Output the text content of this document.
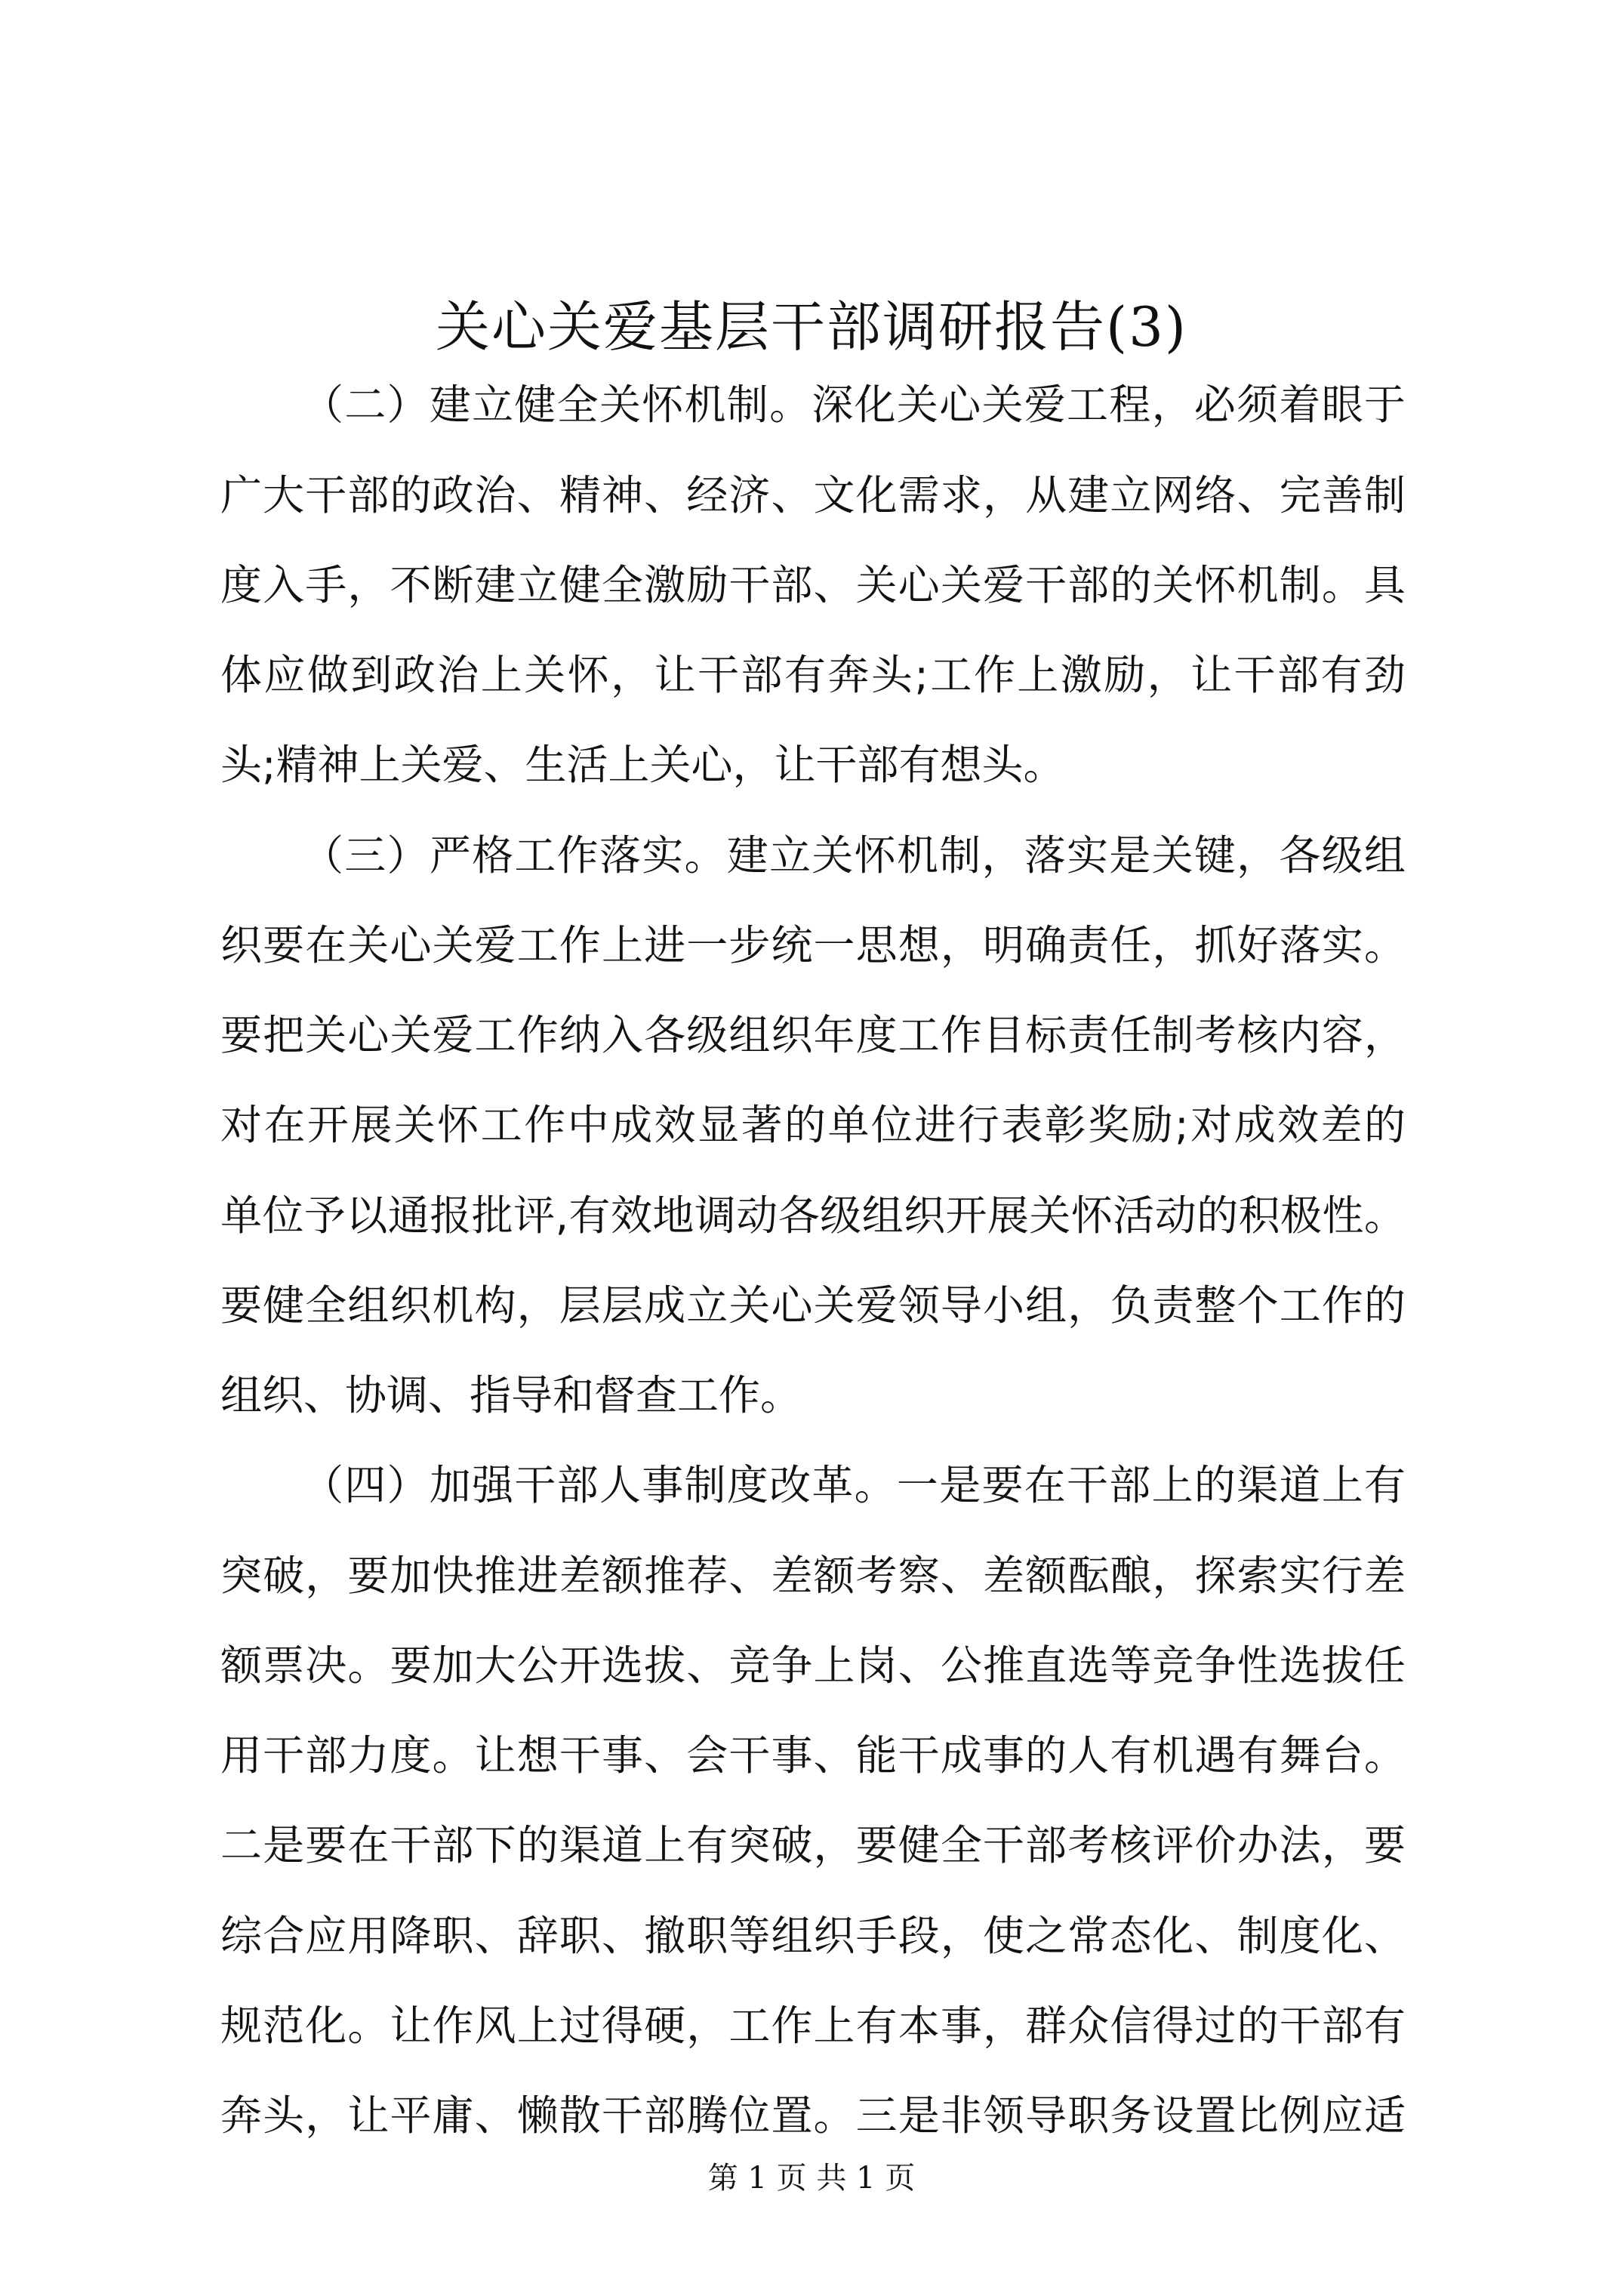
关心关爱基层干部调研报告(3)
（二）建立健全关怀机制。深化关心关爱工程，必须着眼于
广大干部的政治、精神、经济、文化需求，从建立网络、完善制
度入手，不断建立健全激励干部、关心关爱干部的关怀机制。具
体应做到政治上关怀，让干部有奔头;工作上激励，让干部有劲
头;精神上关爱、生活上关心，让干部有想头。
（三）严格工作落实。建立关怀机制，落实是关键，各级组
织要在关心关爱工作上进一步统一思想，明确责任，抓好落实。
要把关心关爱工作纳入各级组织年度工作目标责任制考核内容，
对在开展关怀工作中成效显著的单位进行表彰奖励;对成效差的
单位予以通报批评,有效地调动各级组织开展关怀活动的积极性。
要健全组织机构，层层成立关心关爱领导小组，负责整个工作的
组织、协调、指导和督查工作。
（四）加强干部人事制度改革。一是要在干部上的渠道上有
突破，要加快推进差额推荐、差额考察、差额酝酿，探索实行差
额票决。要加大公开选拔、竞争上岗、公推直选等竞争性选拔任
用干部力度。让想干事、会干事、能干成事的人有机遇有舞台。
二是要在干部下的渠道上有突破，要健全干部考核评价办法，要
综合应用降职、辞职、撤职等组织手段，使之常态化、制度化、
规范化。让作风上过得硬，工作上有本事，群众信得过的干部有
奔头，让平庸、懒散干部腾位置。三是非领导职务设置比例应适
第 1 页 共 1 页
